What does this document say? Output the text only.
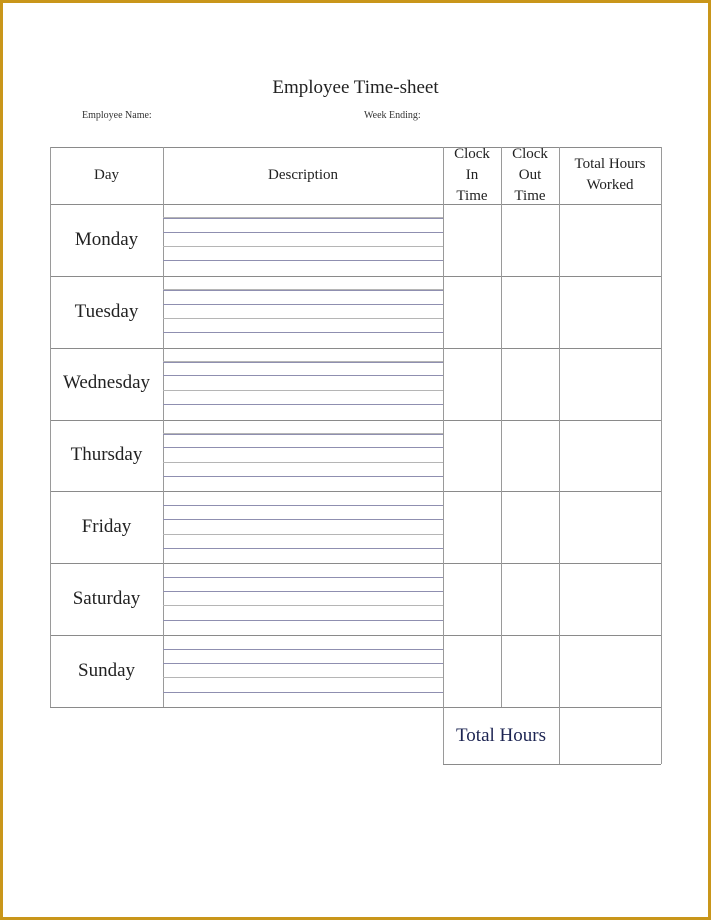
Employee Time-sheet
Employee Name:	Week Ending:
Day	Description
Clock
In
Time
Clock
Out
Time
Total Hours
Worked
Monday
Tuesday
Wednesday
Thursday
Friday
Saturday
Sunday
Total Hours
